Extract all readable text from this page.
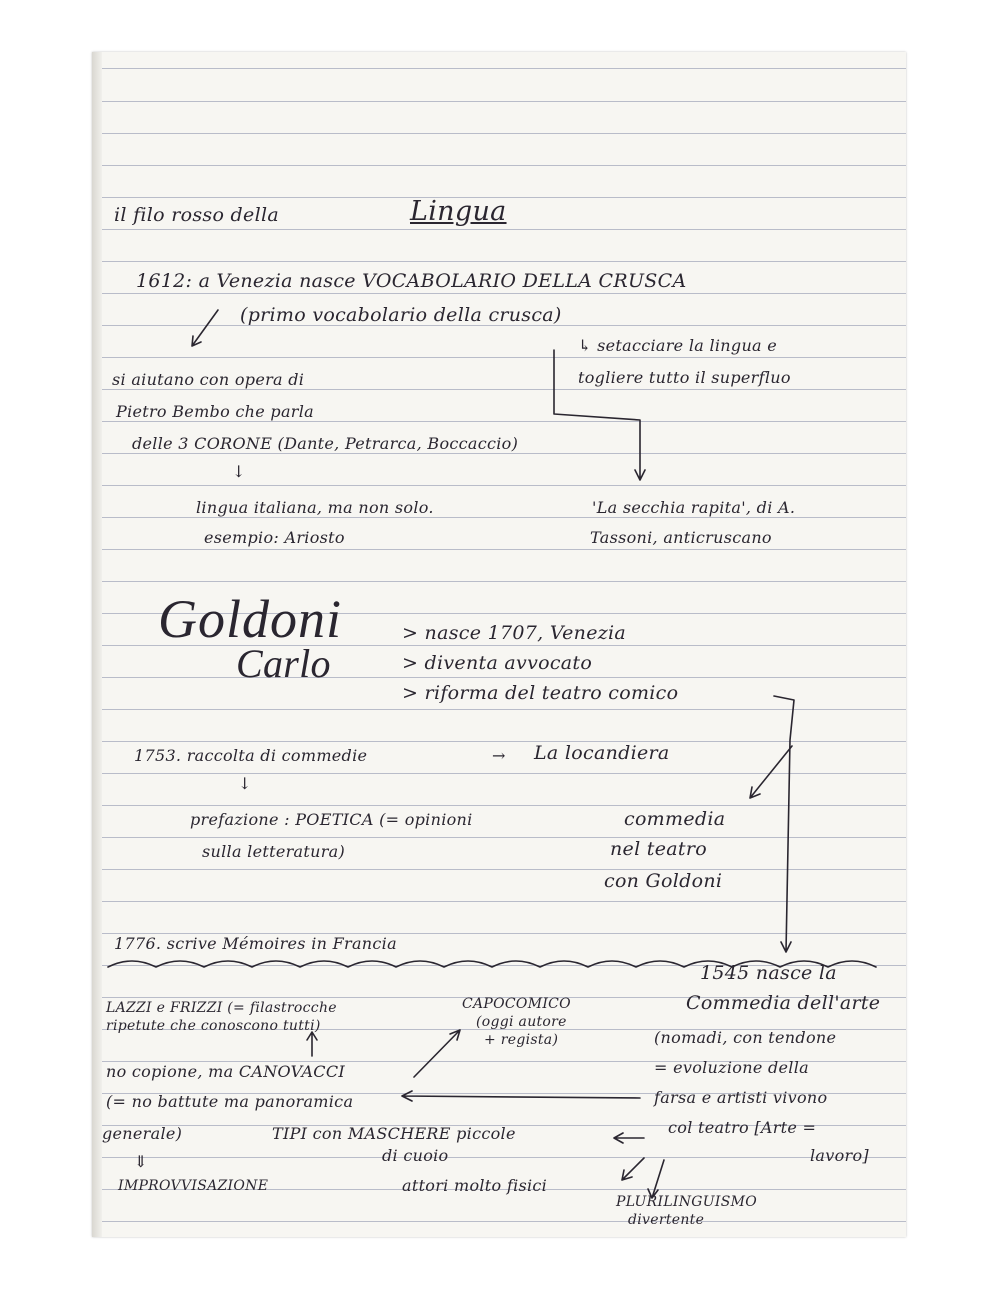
il filo rosso della	Lingua

1612: a Venezia nasce VOCABOLARIO DELLA CRUSCA

(primo vocabolario della crusca)

↳ setacciare la lingua e

togliere tutto il superfluo

si aiutano con opera di

Pietro Bembo che parla

delle 3 CORONE (Dante, Petrarca, Boccaccio)

↓

lingua italiana, ma non solo.

esempio: Ariosto

'La secchia rapita', di A.

Tassoni, anticruscano

Goldoni

Carlo

> nasce 1707, Venezia

> diventa avvocato

> riforma del teatro comico

1753. raccolta di commedie	→ La locandiera

↓

prefazione : POETICA (= opinioni

sulla letteratura)

commedia

nel teatro

con Goldoni

1776. scrive Mémoires in Francia

1545 nasce la

Commedia dell'arte

(nomadi, con tendone

= evoluzione della

farsa e artisti vivono

col teatro [Arte =

lavoro]

LAZZI e FRIZZI (= filastrocche

ripetute che conoscono tutti)

CAPOCOMICO

(oggi autore

+ regista)

no copione, ma CANOVACCI

(= no battute ma panoramica

generale)

⇓

IMPROVVISAZIONE

TIPI con MASCHERE piccole

di cuoio

attori molto fisici

PLURILINGUISMO

divertente
